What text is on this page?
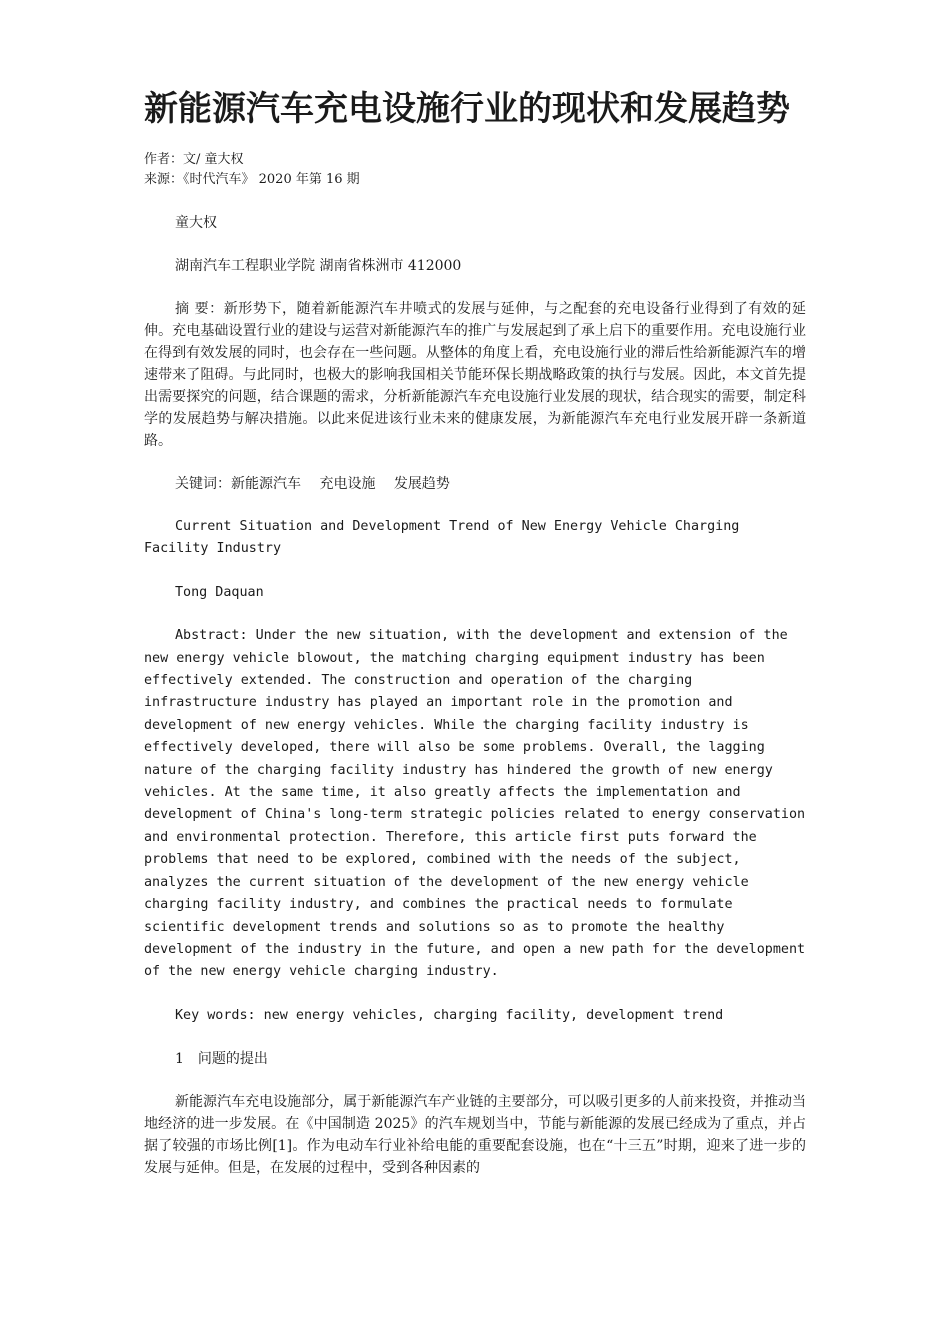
新能源汽车充电设施行业的现状和发展趋势
作者：文/ 童大权
来源：《时代汽车》 2020 年第 16 期

童大权

湖南汽车工程职业学院 湖南省株洲市 412000

摘 要：新形势下，随着新能源汽车井喷式的发展与延伸，与之配套的充电设备行业得到了有效的延伸。充电基础设置行业的建设与运营对新能源汽车的推广与发展起到了承上启下的重要作用。充电设施行业在得到有效发展的同时，也会存在一些问题。从整体的角度上看，充电设施行业的滞后性给新能源汽车的增速带来了阻碍。与此同时，也极大的影响我国相关节能环保长期战略政策的执行与发展。因此，本文首先提出需要探究的问题，结合课题的需求，分析新能源汽车充电设施行业发展的现状，结合现实的需要，制定科学的发展趋势与解决措施。以此来促进该行业未来的健康发展，为新能源汽车充电行业发展开辟一条新道路。

关键词：新能源汽车　 充电设施　 发展趋势

Current Situation and Development Trend of New Energy Vehicle Charging Facility Industry

Tong Daquan

Abstract: Under the new situation, with the development and extension of the new energy vehicle blowout, the matching charging equipment industry has been effectively extended. The construction and operation of the charging infrastructure industry has played an important role in the promotion and development of new energy vehicles. While the charging facility industry is effectively developed, there will also be some problems. Overall, the lagging nature of the charging facility industry has hindered the growth of new energy vehicles. At the same time, it also greatly affects the implementation and development of China's long-term strategic policies related to energy conservation and environmental protection. Therefore, this article first puts forward the problems that need to be explored, combined with the needs of the subject, analyzes the current situation of the development of the new energy vehicle charging facility industry, and combines the practical needs to formulate scientific development trends and solutions so as to promote the healthy development of the industry in the future, and open a new path for the development of the new energy vehicle charging industry.

Key words: new energy vehicles, charging facility, development trend

1　问题的提出

新能源汽车充电设施部分，属于新能源汽车产业链的主要部分，可以吸引更多的人前来投资，并推动当地经济的进一步发展。在《中国制造 2025》的汽车规划当中，节能与新能源的发展已经成为了重点，并占据了较强的市场比例[1]。作为电动车行业补给电能的重要配套设施，也在“十三五”时期，迎来了进一步的发展与延伸。但是，在发展的过程中，受到各种因素的
